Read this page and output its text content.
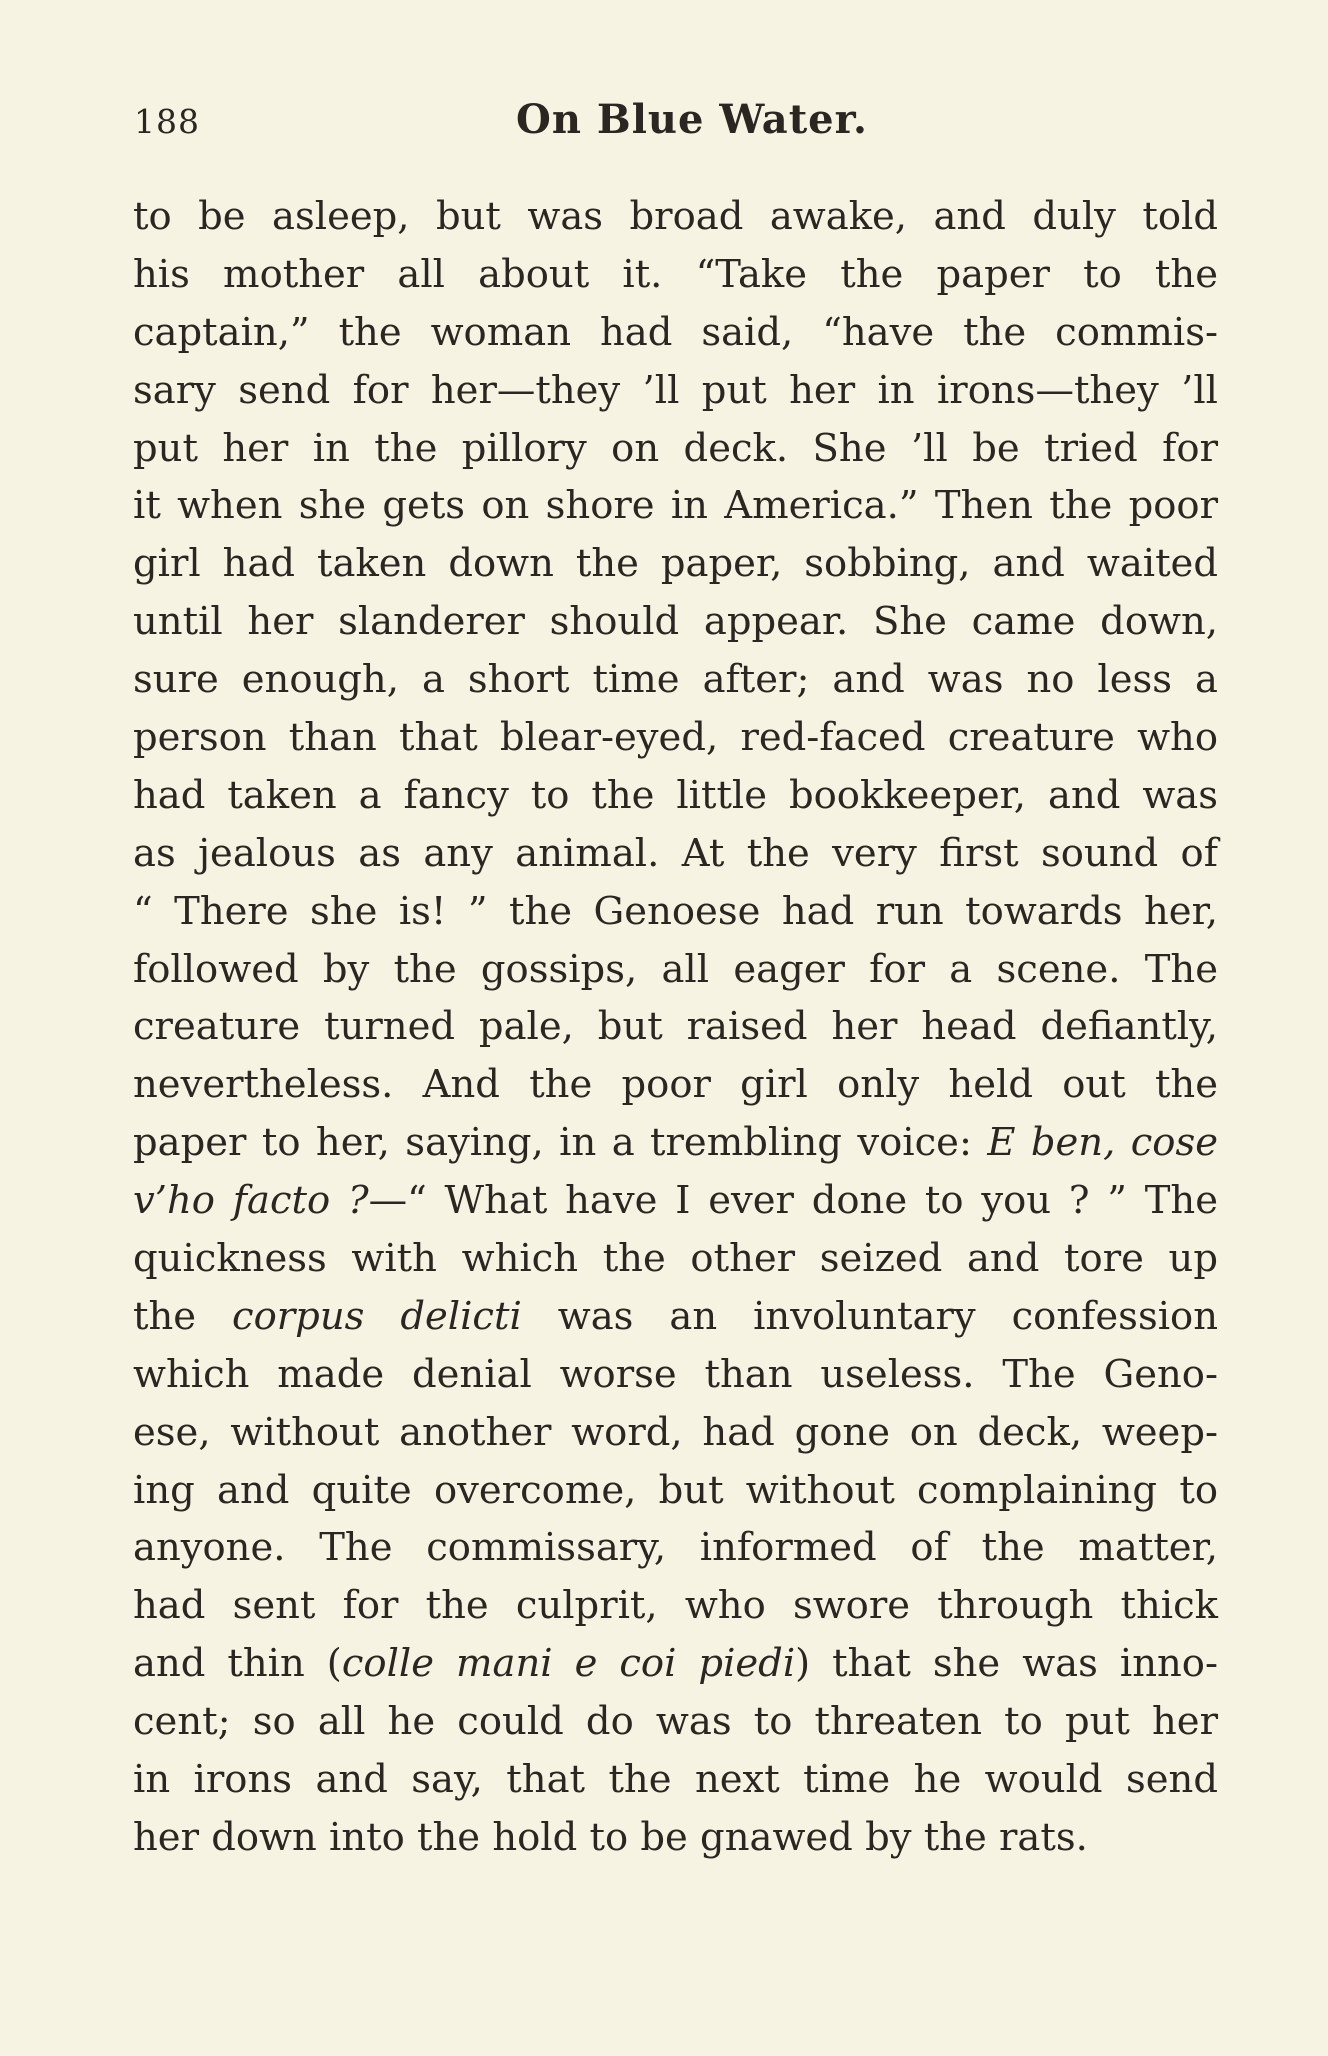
188	On Blue Water.
to be asleep, but was broad awake, and duly told
his mother all about it. “Take the paper to the
captain,” the woman had said, “have the commis-
sary send for her—they ’ll put her in irons—they ’ll
put her in the pillory on deck. She ’ll be tried for
it when she gets on shore in America.” Then the poor
girl had taken down the paper, sobbing, and waited
until her slanderer should appear. She came down,
sure enough, a short time after; and was no less a
person than that blear-eyed, red-faced creature who
had taken a fancy to the little bookkeeper, and was
as jealous as any animal. At the very first sound of
“ There she is! ” the Genoese had run towards her,
followed by the gossips, all eager for a scene. The
creature turned pale, but raised her head defiantly,
nevertheless. And the poor girl only held out the
paper to her, saying, in a trembling voice: E ben, cose
v’ho facto ?—“ What have I ever done to you ? ” The
quickness with which the other seized and tore up
the corpus delicti was an involuntary confession
which made denial worse than useless. The Geno-
ese, without another word, had gone on deck, weep-
ing and quite overcome, but without complaining to
anyone. The commissary, informed of the matter,
had sent for the culprit, who swore through thick
and thin (colle mani e coi piedi) that she was inno-
cent; so all he could do was to threaten to put her
in irons and say, that the next time he would send
her down into the hold to be gnawed by the rats.
